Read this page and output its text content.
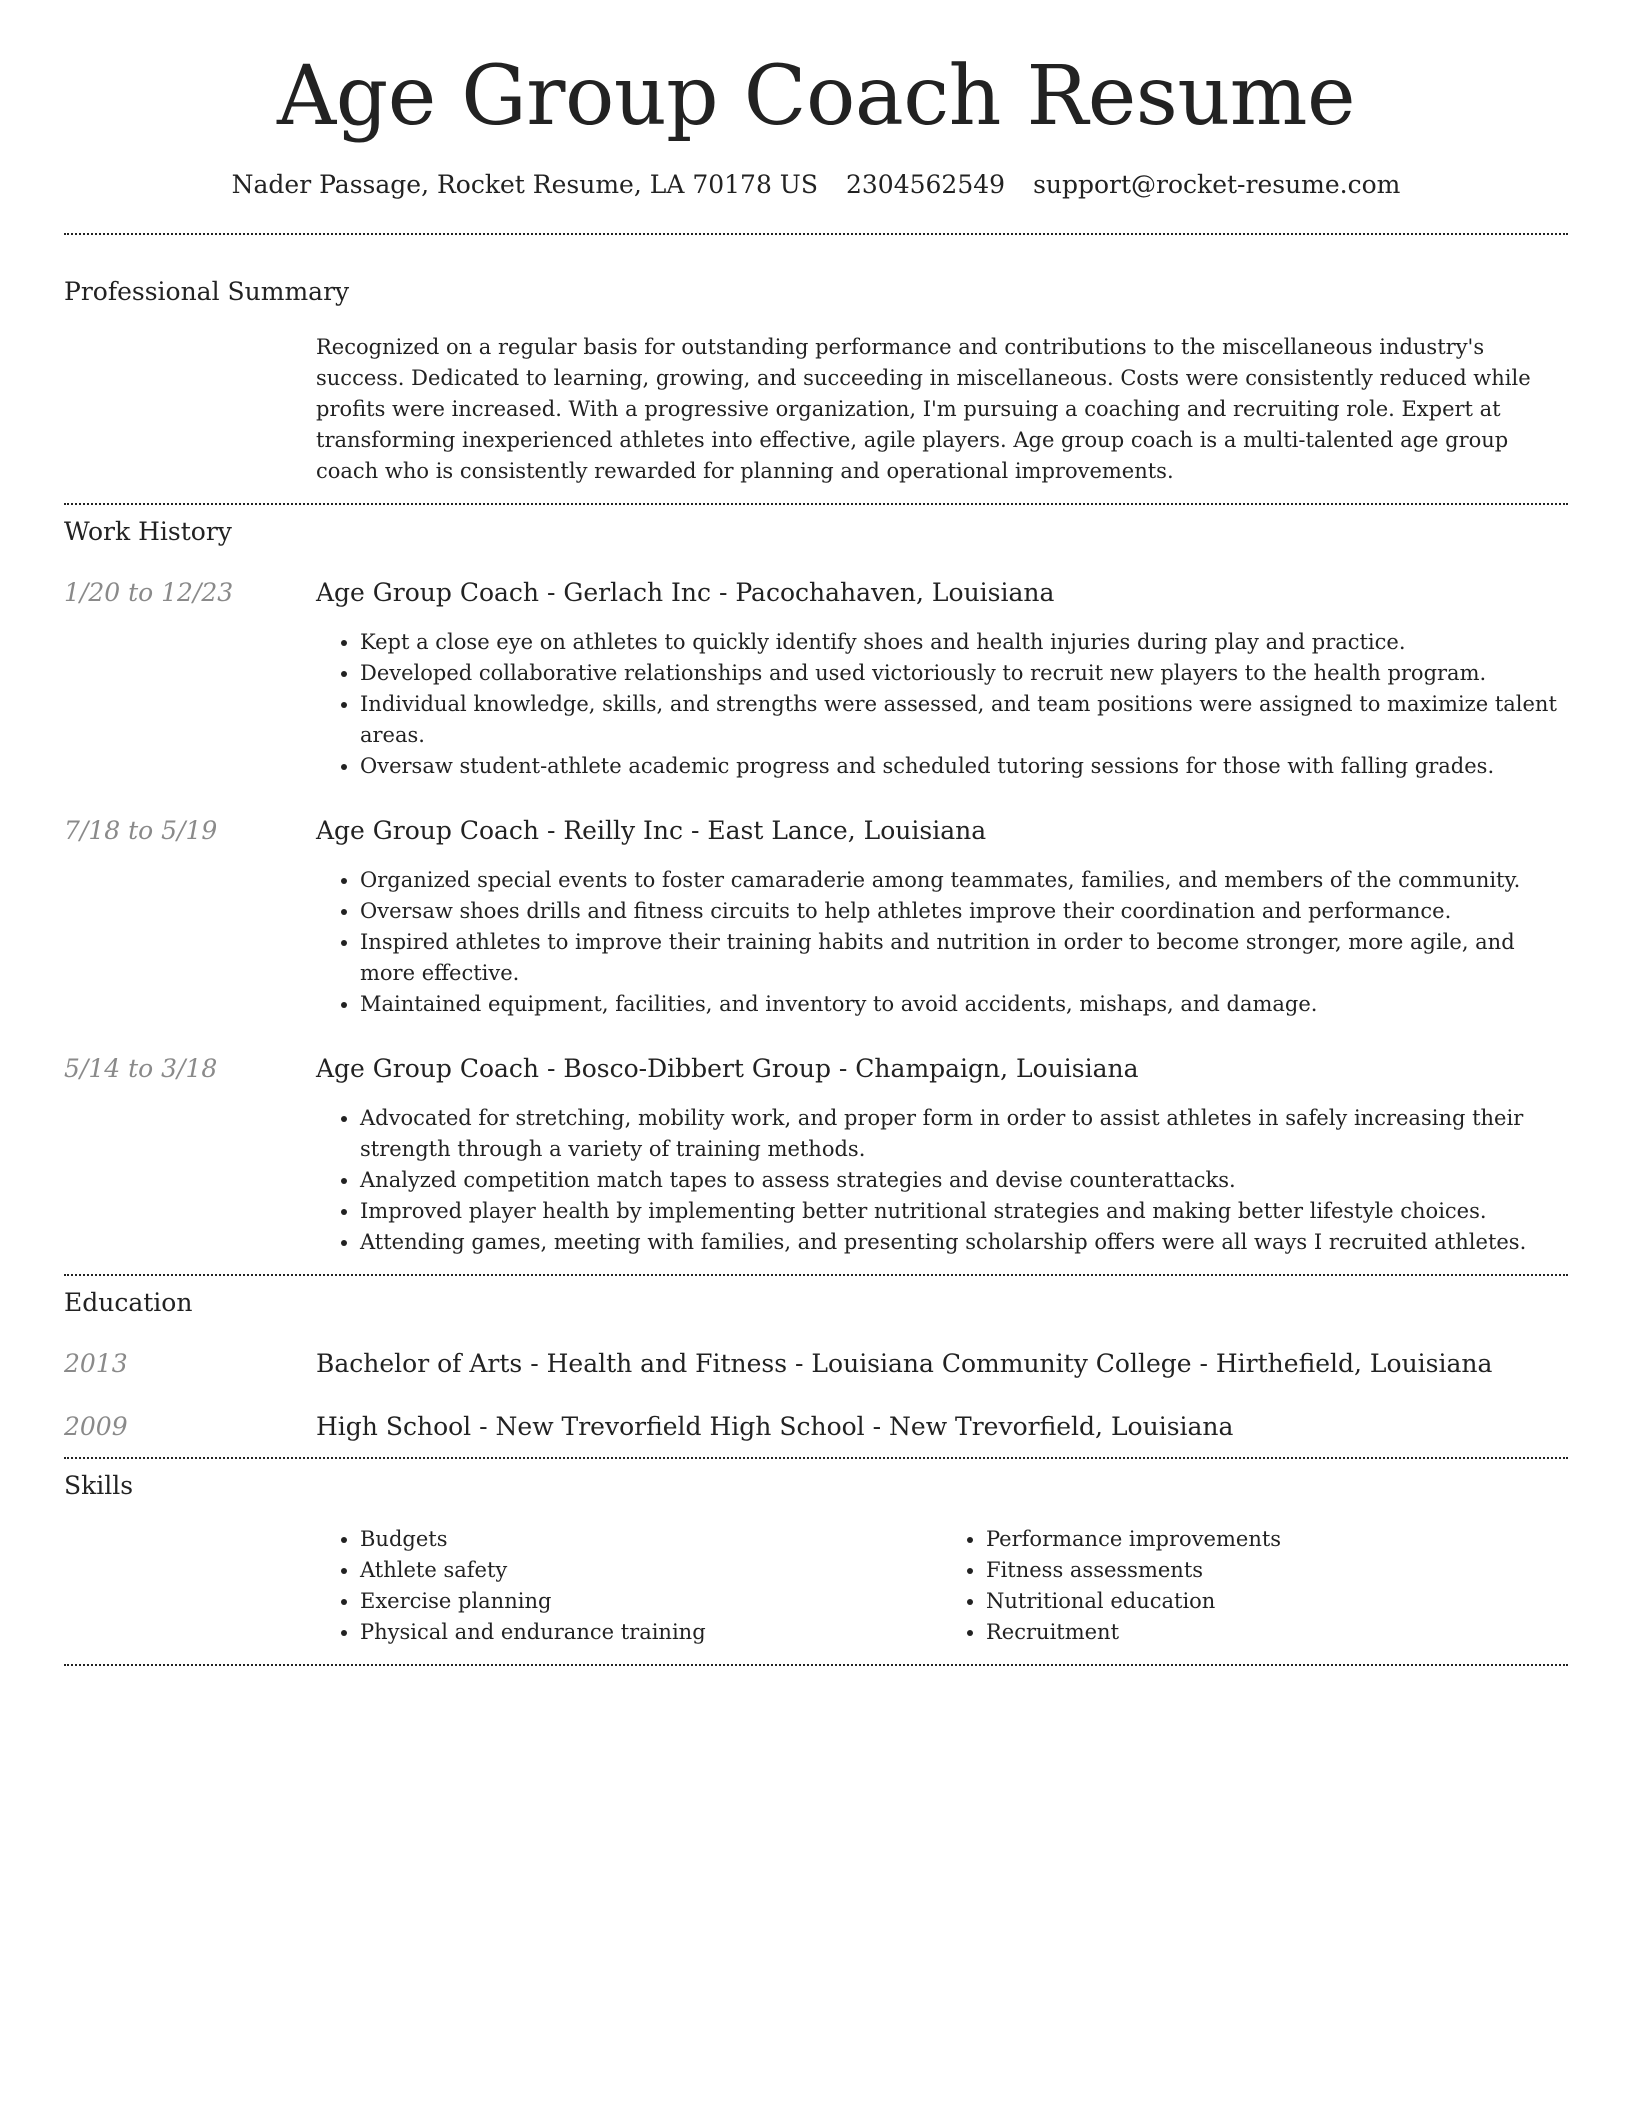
Age Group Coach Resume
Nader Passage, Rocket Resume, LA 70178 US 2304562549 support@rocket-resume.com
Professional Summary

Recognized on a regular basis for outstanding performance and contributions to the miscellaneous industry's success. Dedicated to learning, growing, and succeeding in miscellaneous. Costs were consistently reduced while profits were increased. With a progressive organization, I'm pursuing a coaching and recruiting role. Expert at transforming inexperienced athletes into effective, agile players. Age group coach is a multi-talented age group coach who is consistently rewarded for planning and operational improvements.

Work History
1/20 to 12/23	Age Group Coach - Gerlach Inc - Pacochahaven, Louisiana
• Kept a close eye on athletes to quickly identify shoes and health injuries during play and practice.
• Developed collaborative relationships and used victoriously to recruit new players to the health program.
• Individual knowledge, skills, and strengths were assessed, and team positions were assigned to maximize talent areas.
• Oversaw student-athlete academic progress and scheduled tutoring sessions for those with falling grades.
7/18 to 5/19	Age Group Coach - Reilly Inc - East Lance, Louisiana
• Organized special events to foster camaraderie among teammates, families, and members of the community.
• Oversaw shoes drills and fitness circuits to help athletes improve their coordination and performance.
• Inspired athletes to improve their training habits and nutrition in order to become stronger, more agile, and more effective.
• Maintained equipment, facilities, and inventory to avoid accidents, mishaps, and damage.
5/14 to 3/18	Age Group Coach - Bosco-Dibbert Group - Champaign, Louisiana
• Advocated for stretching, mobility work, and proper form in order to assist athletes in safely increasing their strength through a variety of training methods.
• Analyzed competition match tapes to assess strategies and devise counterattacks.
• Improved player health by implementing better nutritional strategies and making better lifestyle choices.
• Attending games, meeting with families, and presenting scholarship offers were all ways I recruited athletes.
Education
2013	Bachelor of Arts - Health and Fitness - Louisiana Community College - Hirthefield, Louisiana
2009	High School - New Trevorfield High School - New Trevorfield, Louisiana
Skills
• Budgets
• Athlete safety
• Exercise planning
• Physical and endurance training
• Performance improvements
• Fitness assessments
• Nutritional education
• Recruitment
